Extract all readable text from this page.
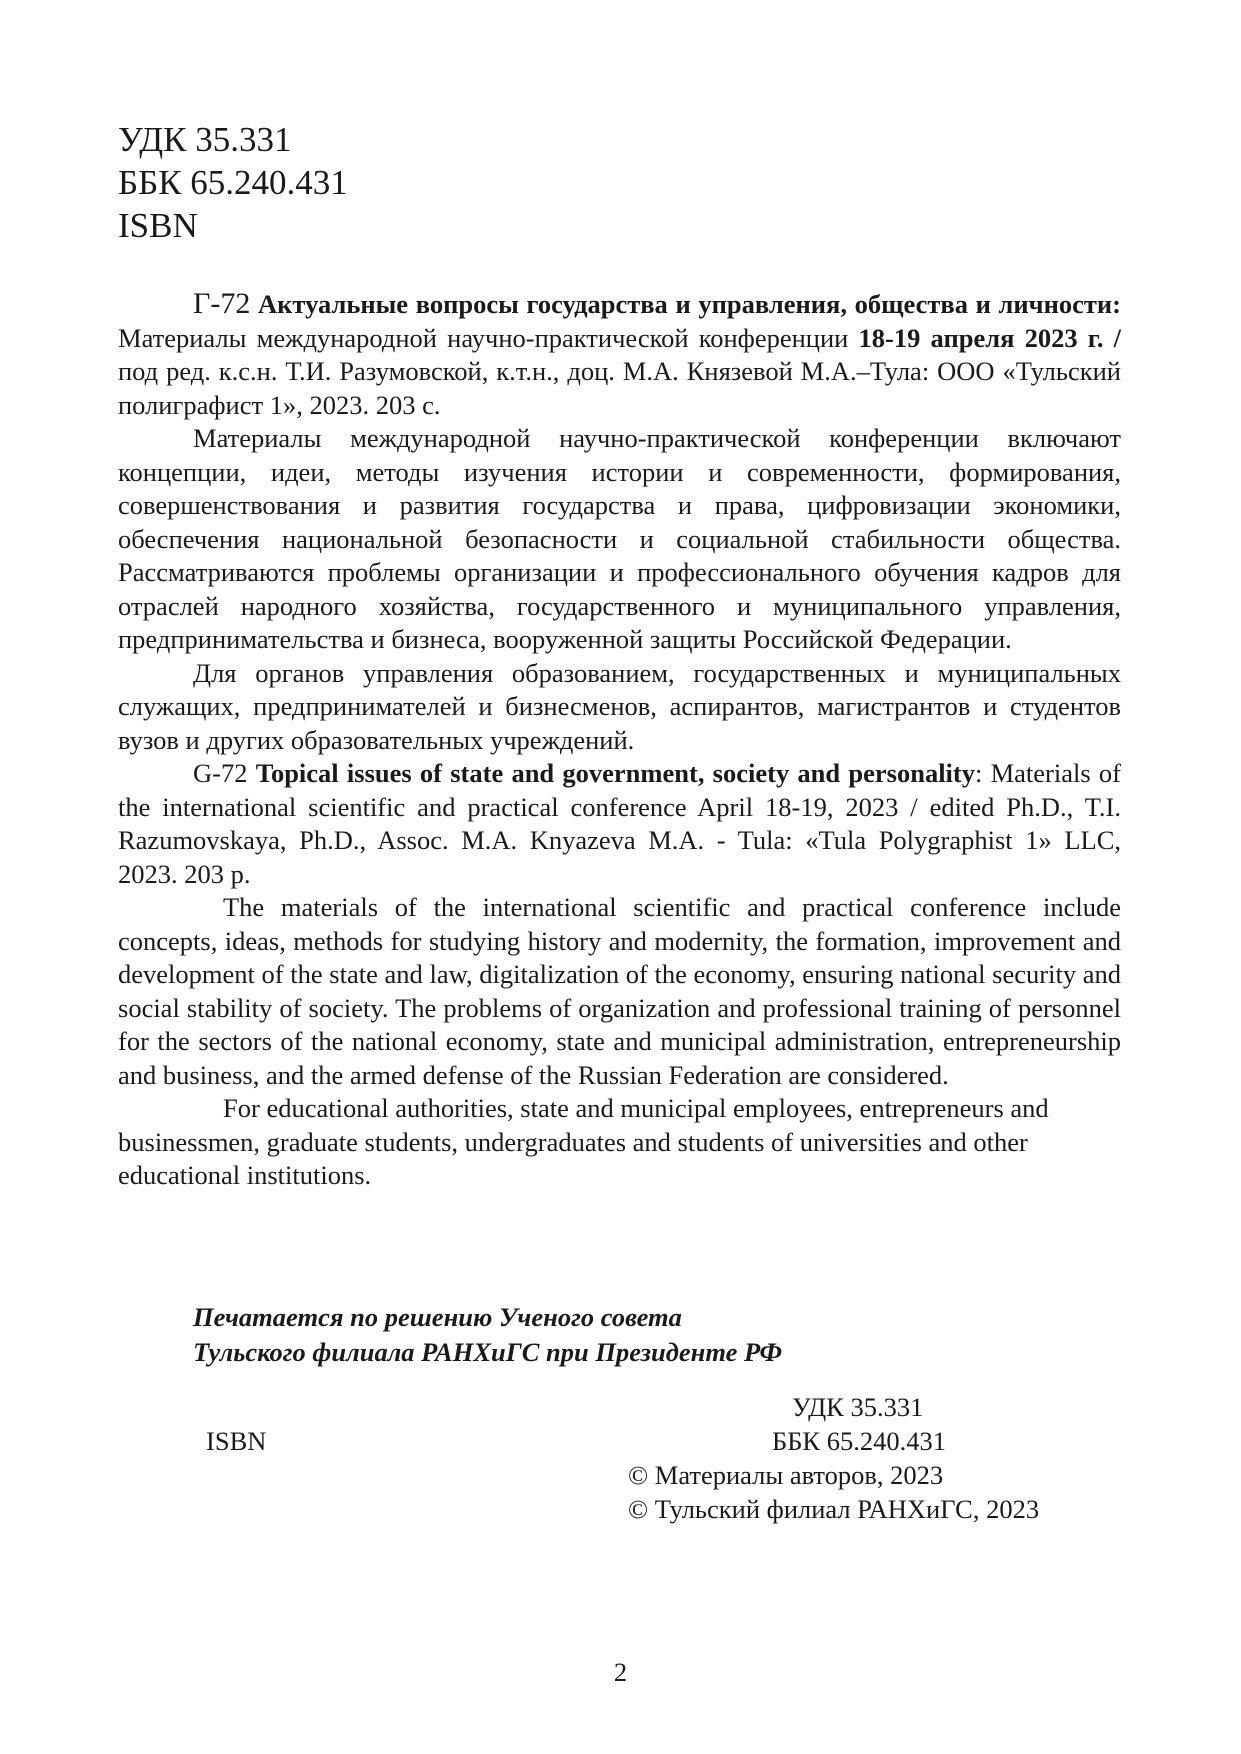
УДК 35.331
ББК 65.240.431
ISBN

Г-72 Актуальные вопросы государства и управления, общества и личности: Материалы международной научно-практической конференции 18-19 апреля 2023 г. / под ред. к.с.н. Т.И. Разумовской, к.т.н., доц. М.А. Князевой М.А.–Тула: ООО «Тульский полиграфист 1», 2023. 203 с.

Материалы международной научно-практической конференции включают концепции, идеи, методы изучения истории и современности, формирования, совершенствования и развития государства и права, цифровизации экономики, обеспечения национальной безопасности и социальной стабильности общества. Рассматриваются проблемы организации и профессионального обучения кадров для отраслей народного хозяйства, государственного и муниципального управления, предпринимательства и бизнеса, вооруженной защиты Российской Федерации.

Для органов управления образованием, государственных и муниципальных служащих, предпринимателей и бизнесменов, аспирантов, магистрантов и студентов вузов и других образовательных учреждений.

G-72 Topical issues of state and government, society and personality: Materials of the international scientific and practical conference April 18-19, 2023 / edited Ph.D., T.I. Razumovskaya, Ph.D., Assoc. M.A. Knyazeva M.A. - Tula: «Tula Polygraphist 1» LLC, 2023. 203 p.

The materials of the international scientific and practical conference include concepts, ideas, methods for studying history and modernity, the formation, improvement and development of the state and law, digitalization of the economy, ensuring national security and social stability of society. The problems of organization and professional training of personnel for the sectors of the national economy, state and municipal administration, entrepreneurship and business, and the armed defense of the Russian Federation are considered.

For educational authorities, state and municipal employees, entrepreneurs and businessmen, graduate students, undergraduates and students of universities and other educational institutions.

Печатается по решению Ученого совета
Тульского филиала РАНХиГС при Президенте РФ
УДК 35.331
ISBN	ББК 65.240.431
© Материалы авторов, 2023
© Тульский филиал РАНХиГС, 2023
2
